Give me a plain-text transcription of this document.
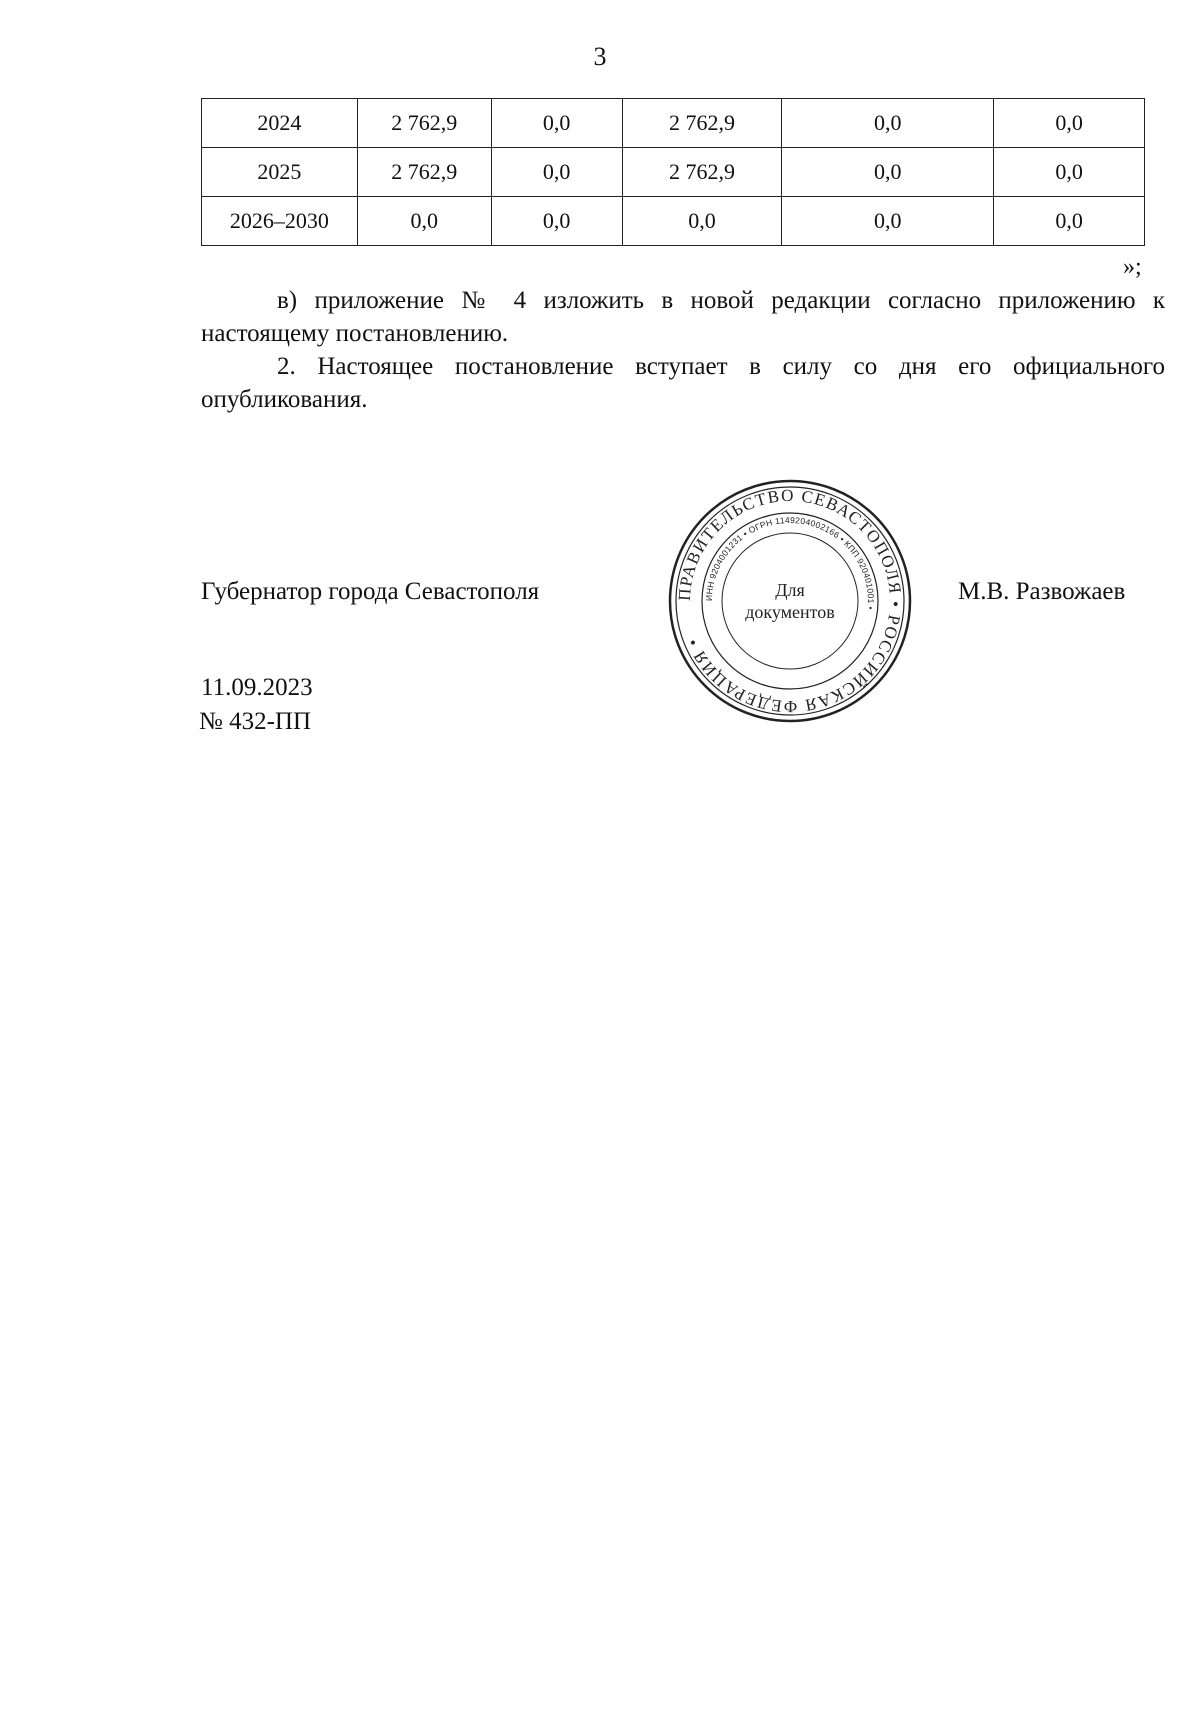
3
2024	2 762,9	0,0	2 762,9	0,0	0,0
2025	2 762,9	0,0	2 762,9	0,0	0,0
2026–2030	0,0	0,0	0,0	0,0	0,0
»;

в) приложение № 4 изложить в новой редакции согласно приложению к настоящему постановлению.

2. Настоящее постановление вступает в силу со дня его официального опубликования.

Губернатор города Севастополя	ПРАВИТЕЛЬСТВО СЕВАСТОПОЛЯ • РОССИЙСКАЯ ФЕДЕРАЦИЯ •
ИНН 9204001231 • ОГРН 1149204002166 • КПП 920401001 •
Для
документов
М.В. Развожаев
11.09.2023
№ 432-ПП
